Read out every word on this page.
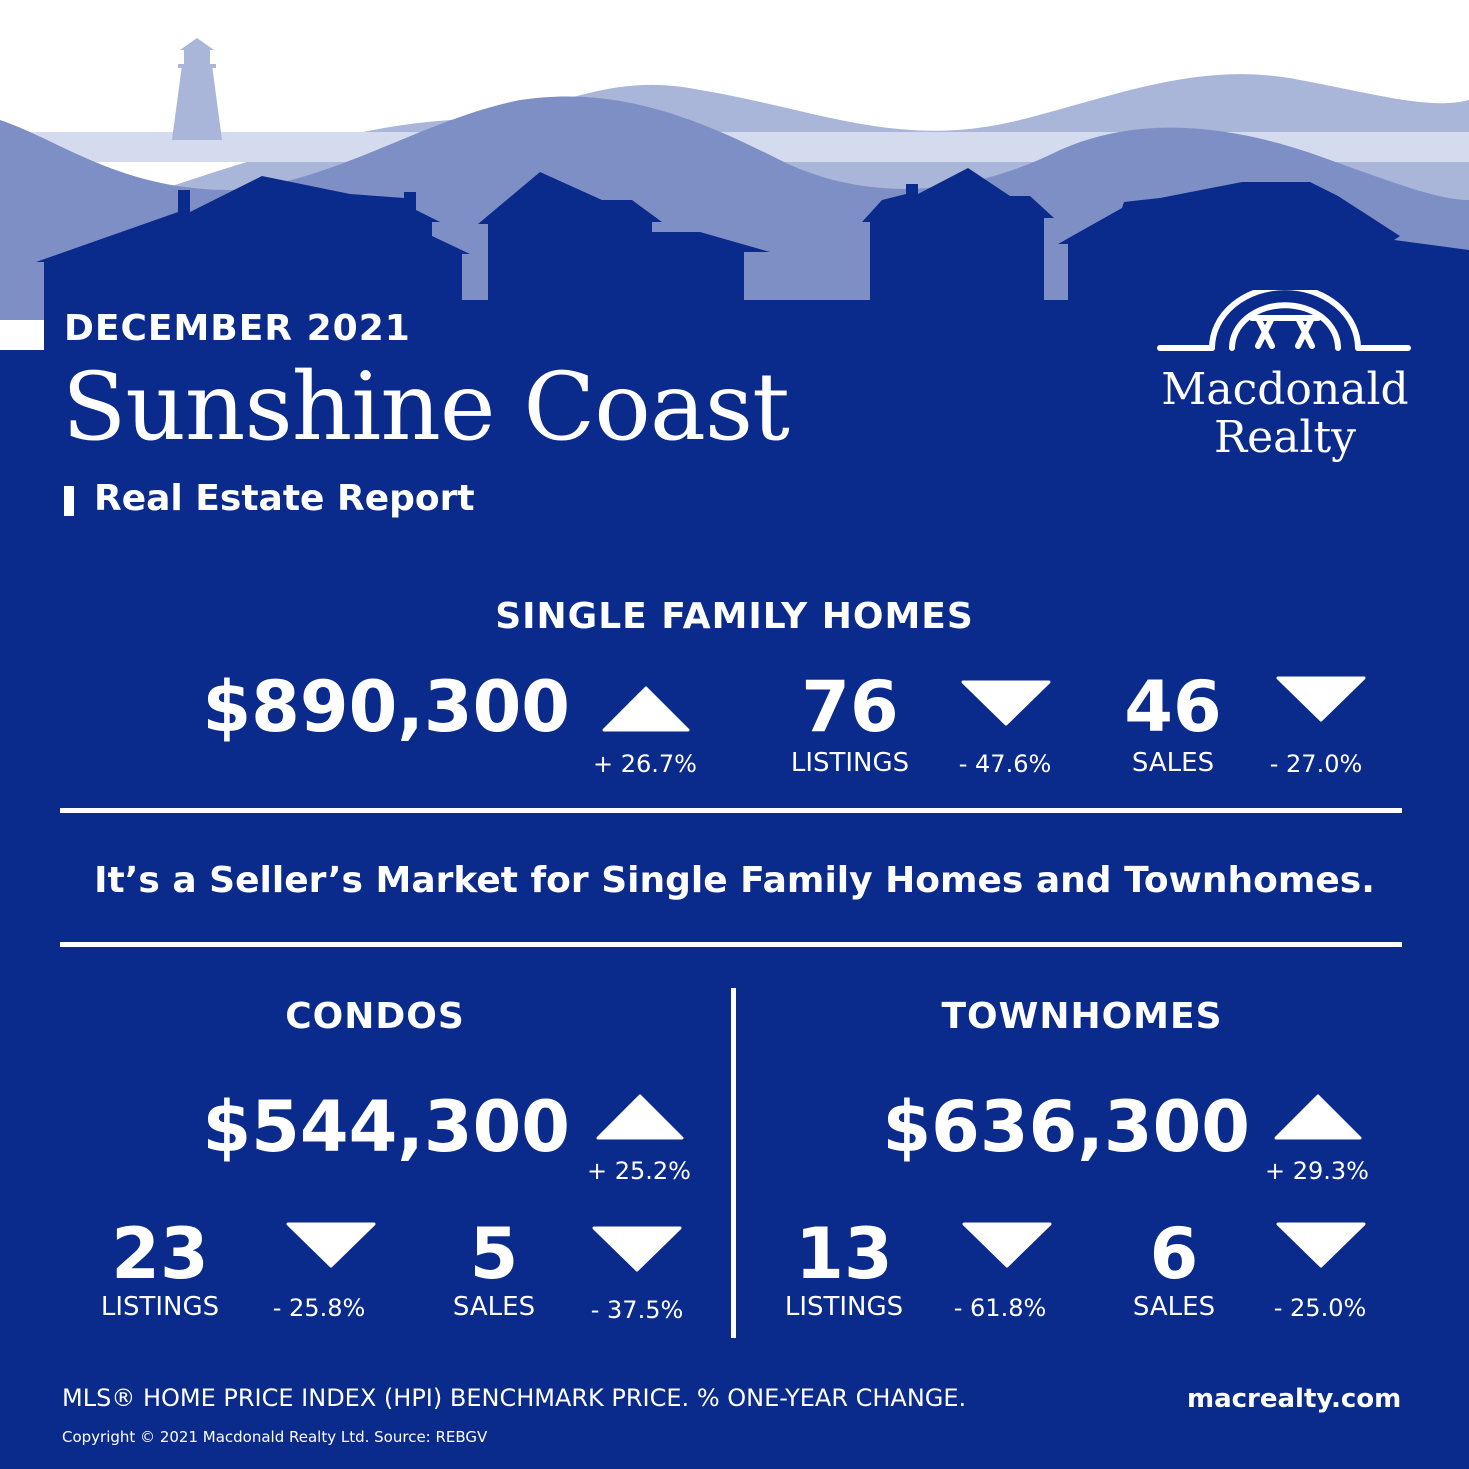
DECEMBER 2021
Sunshine Coast
Real Estate Report
Macdonald
Realty
SINGLE FAMILY HOMES
$890,300
+ 26.7%
76
LISTINGS	- 47.6%
46
SALES	- 27.0%
It’s a Seller’s Market for Single Family Homes and Townhomes.
CONDOS
$544,300
+ 25.2%
23
LISTINGS	- 25.8%
5
SALES	- 37.5%
TOWNHOMES
$636,300
+ 29.3%
13
LISTINGS	- 61.8%
6
SALES	- 25.0%
MLS® HOME PRICE INDEX (HPI) BENCHMARK PRICE. % ONE-YEAR CHANGE.
Copyright © 2021 Macdonald Realty Ltd. Source: REBGV
macrealty.com
